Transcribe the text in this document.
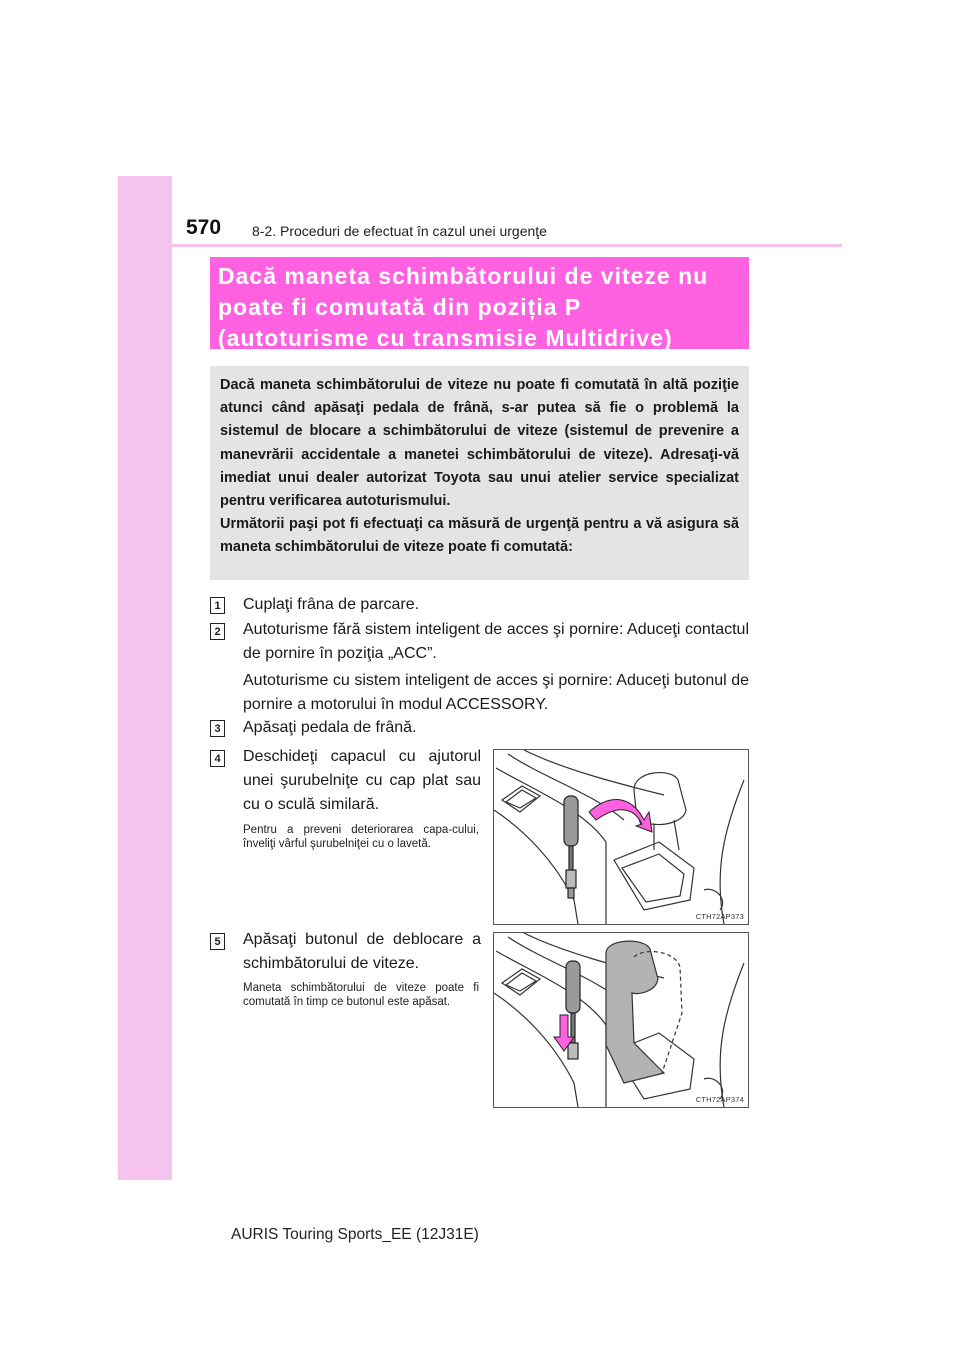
570 8-2. Proceduri de efectuat în cazul unei urgenţe

Dacă maneta schimbătorului de viteze nu

poate fi comutată din poziția P

(autoturisme cu transmisie Multidrive)

Dacă maneta schimbătorului de viteze nu poate fi comutată în altă poziţie atunci când apăsaţi pedala de frână, s-ar putea să fie o problemă la sistemul de blocare a schimbătorului de viteze (sistemul de prevenire a manevrării accidentale a manetei schimbătorului de viteze). Adresaţi-vă imediat unui dealer autorizat Toyota sau unui atelier service specializat pentru verificarea autoturismului.

Următorii paşi pot fi efectuaţi ca măsură de urgenţă pentru a vă asigura să maneta schimbătorului de viteze poate fi comutată:

1 Cuplaţi frâna de parcare.

2 Autoturisme fără sistem inteligent de acces şi pornire: Aduceţi contactul de pornire în poziţia „ACC”.

Autoturisme cu sistem inteligent de acces şi pornire: Aduceţi butonul de pornire a motorului în modul ACCESSORY.

3 Apăsaţi pedala de frână.

4 Deschideţi capacul cu ajutorul unei şurubelniţe cu cap plat sau cu o sculă similară.

Pentru a preveni deteriorarea capa-cului, înveliţi vârful şurubelniţei cu o lavetă.

CTH72AP373
5 Apăsaţi butonul de deblocare a schimbătorului de viteze.

Maneta schimbătorului de viteze poate fi comutată în timp ce butonul este apăsat.

CTH72AP374
AURIS Touring Sports_EE (12J31E)
